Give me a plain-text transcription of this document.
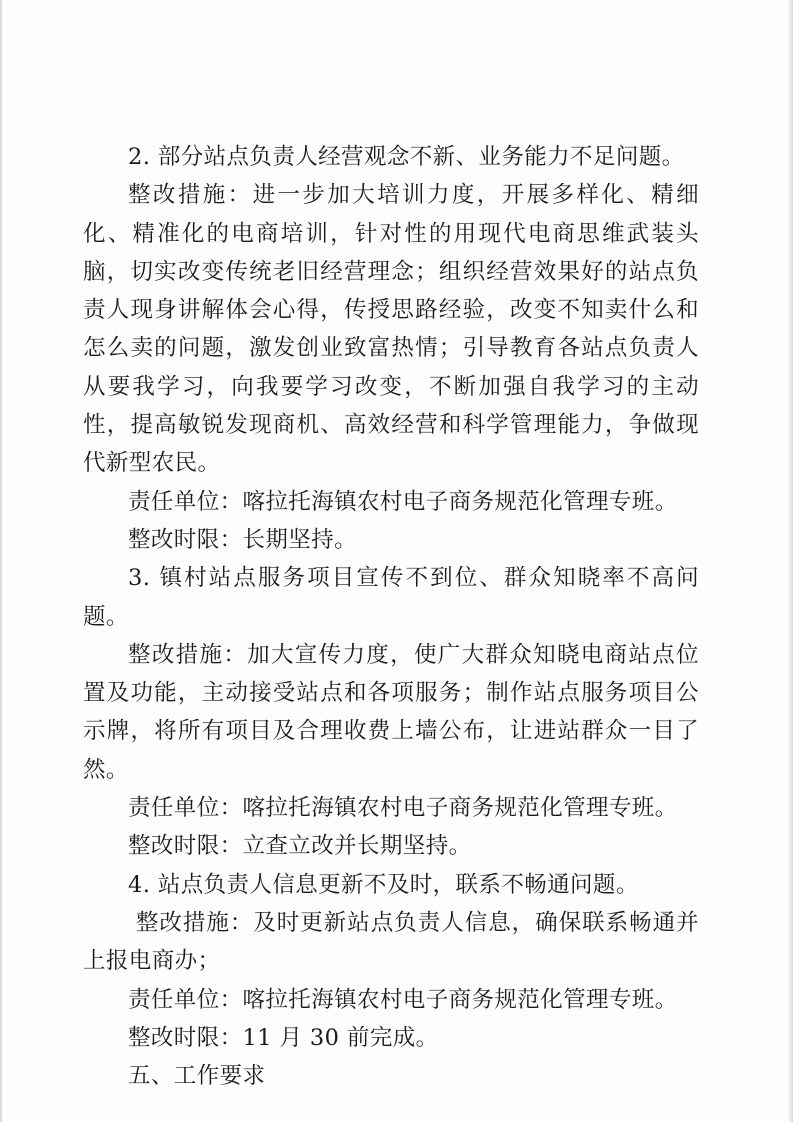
2. 部分站点负责人经营观念不新、业务能力不足问题。

整改措施：进一步加大培训力度，开展多样化、精细化、精准化的电商培训，针对性的用现代电商思维武装头脑，切实改变传统老旧经营理念；组织经营效果好的站点负责人现身讲解体会心得，传授思路经验，改变不知卖什么和怎么卖的问题，激发创业致富热情；引导教育各站点负责人从要我学习，向我要学习改变，不断加强自我学习的主动性，提高敏锐发现商机、高效经营和科学管理能力，争做现代新型农民。

责任单位：喀拉托海镇农村电子商务规范化管理专班。

整改时限：长期坚持。

3. 镇村站点服务项目宣传不到位、群众知晓率不高问题。

整改措施：加大宣传力度，使广大群众知晓电商站点位置及功能，主动接受站点和各项服务；制作站点服务项目公示牌，将所有项目及合理收费上墙公布，让进站群众一目了然。

责任单位：喀拉托海镇农村电子商务规范化管理专班。

整改时限：立查立改并长期坚持。

4. 站点负责人信息更新不及时，联系不畅通问题。

整改措施：及时更新站点负责人信息，确保联系畅通并上报电商办；

责任单位：喀拉托海镇农村电子商务规范化管理专班。

整改时限：11 月 30 前完成。

五、工作要求
